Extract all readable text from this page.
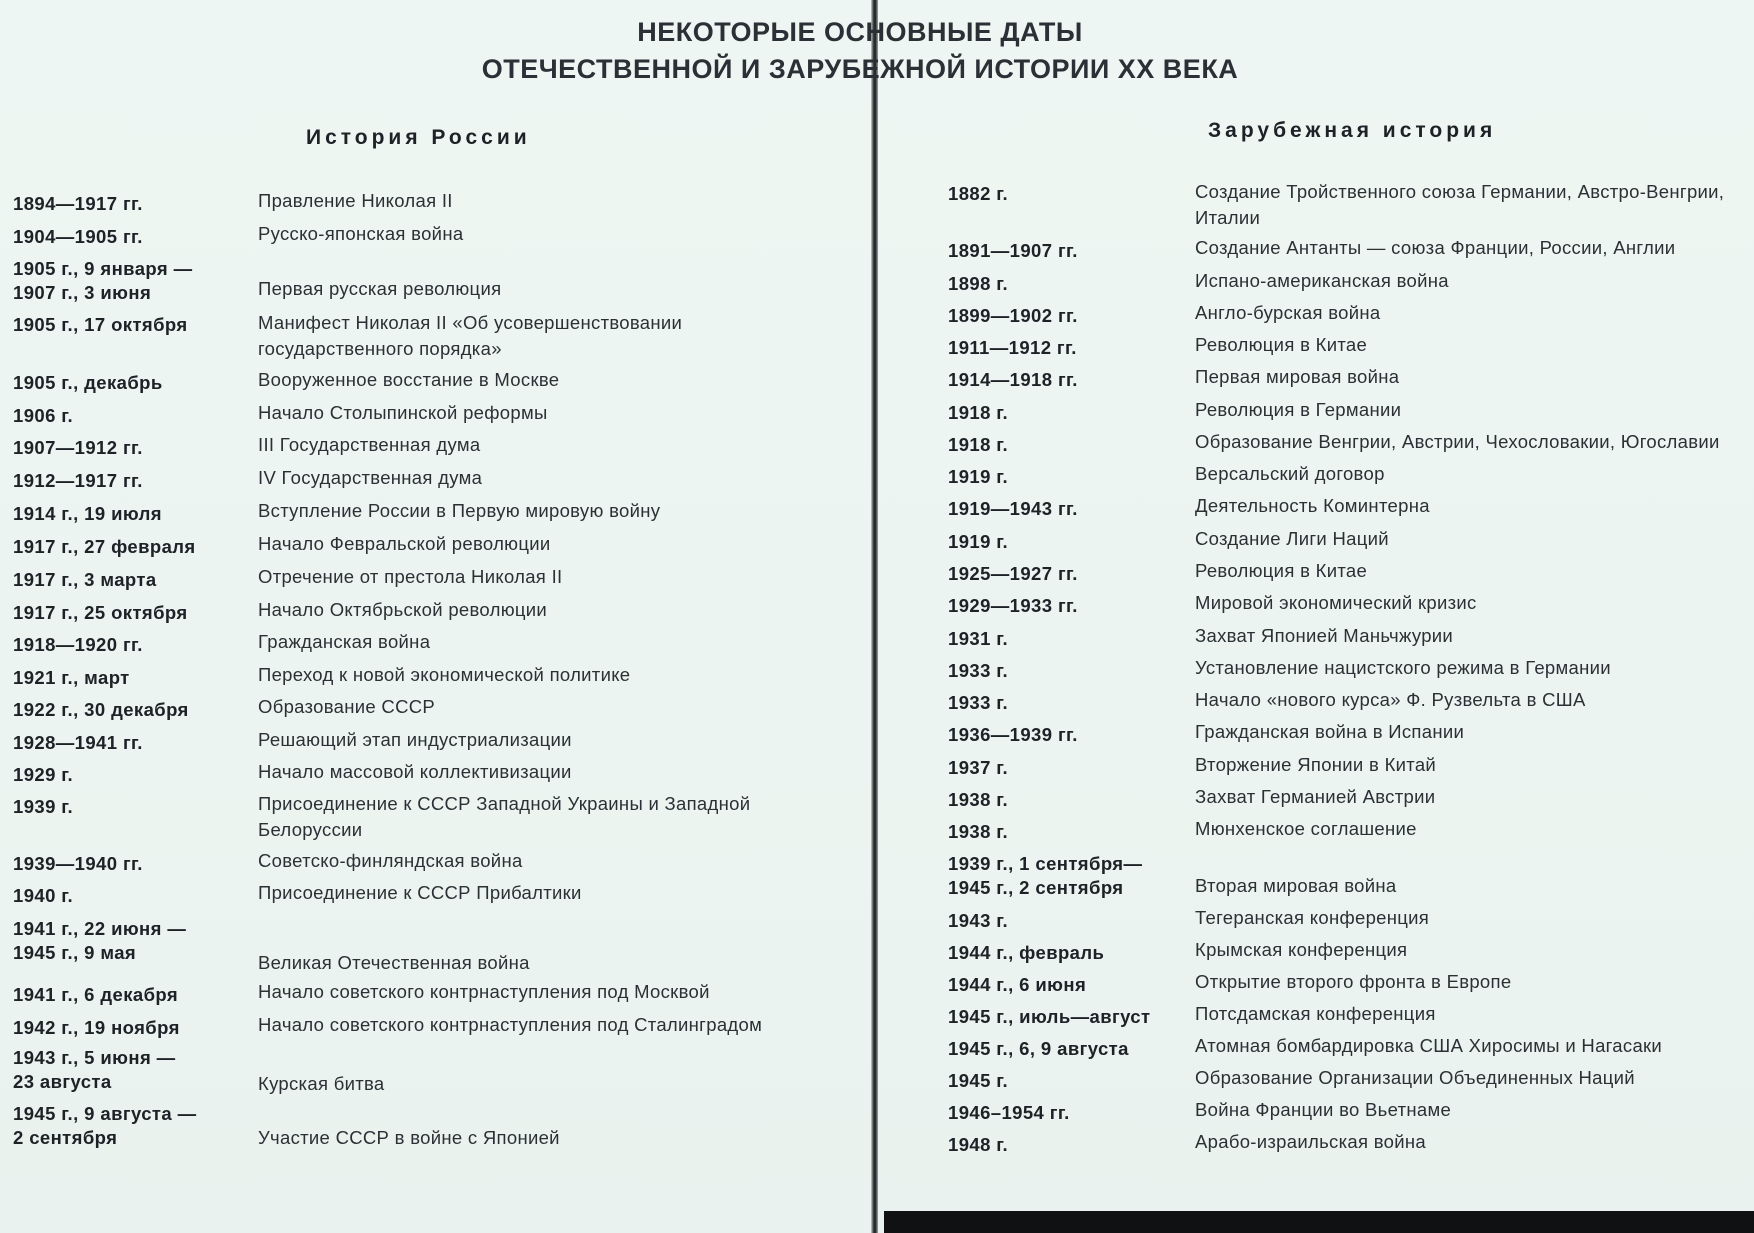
История России
1894—1917 гг.	Правление Николая II
1904—1905 гг.	Русско-японская война
1905 г., 9 января —
1907 г., 3 июня	Первая русская революция
1905 г., 17 октября	Манифест Николая II «Об усовершенствовании
государственного порядка»
1905 г., декабрь	Вооруженное восстание в Москве
1906 г.	Начало Столыпинской реформы
1907—1912 гг.	III Государственная дума
1912—1917 гг.	IV Государственная дума
1914 г., 19 июля	Вступление России в Первую мировую войну
1917 г., 27 февраля	Начало Февральской революции
1917 г., 3 марта	Отречение от престола Николая II
1917 г., 25 октября	Начало Октябрьской революции
1918—1920 гг.	Гражданская война
1921 г., март	Переход к новой экономической политике
1922 г., 30 декабря	Образование СССР
1928—1941 гг.	Решающий этап индустриализации
1929 г.	Начало массовой коллективизации
1939 г.	Присоединение к СССР Западной Украины и Западной
Белоруссии
1939—1940 гг.	Советско-финляндская война
1940 г.	Присоединение к СССР Прибалтики
1941 г., 22 июня —
1945 г., 9 мая	Великая Отечественная война
1941 г., 6 декабря	Начало советского контрнаступления под Москвой
1942 г., 19 ноября	Начало советского контрнаступления под Сталинградом
1943 г., 5 июня —
23 августа	Курская битва
1945 г., 9 августа —
2 сентября	Участие СССР в войне с Японией
Зарубежная история
1882 г.	Создание Тройственного союза Германии, Австро-Венгрии,
Италии
1891—1907 гг.	Создание Антанты — союза Франции, России, Англии
1898 г.	Испано-американская война
1899—1902 гг.	Англо-бурская война
1911—1912 гг.	Революция в Китае
1914—1918 гг.	Первая мировая война
1918 г.	Революция в Германии
1918 г.	Образование Венгрии, Австрии, Чехословакии, Югославии
1919 г.	Версальский договор
1919—1943 гг.	Деятельность Коминтерна
1919 г.	Создание Лиги Наций
1925—1927 гг.	Революция в Китае
1929—1933 гг.	Мировой экономический кризис
1931 г.	Захват Японией Маньчжурии
1933 г.	Установление нацистского режима в Германии
1933 г.	Начало «нового курса» Ф. Рузвельта в США
1936—1939 гг.	Гражданская война в Испании
1937 г.	Вторжение Японии в Китай
1938 г.	Захват Германией Австрии
1938 г.	Мюнхенское соглашение
1939 г., 1 сентября—
1945 г., 2 сентября	Вторая мировая война
1943 г.	Тегеранская конференция
1944 г., февраль	Крымская конференция
1944 г., 6 июня	Открытие второго фронта в Европе
1945 г., июль—август	Потсдамская конференция
1945 г., 6, 9 августа	Атомная бомбардировка США Хиросимы и Нагасаки
1945 г.	Образование Организации Объединенных Наций
1946–1954 гг.	Война Франции во Вьетнаме
1948 г.	Арабо-израильская война
НЕКОТОРЫЕ ОСНОВНЫЕ ДАТЫ
ОТЕЧЕСТВЕННОЙ И ЗАРУБЕЖНОЙ ИСТОРИИ XX ВЕКА
